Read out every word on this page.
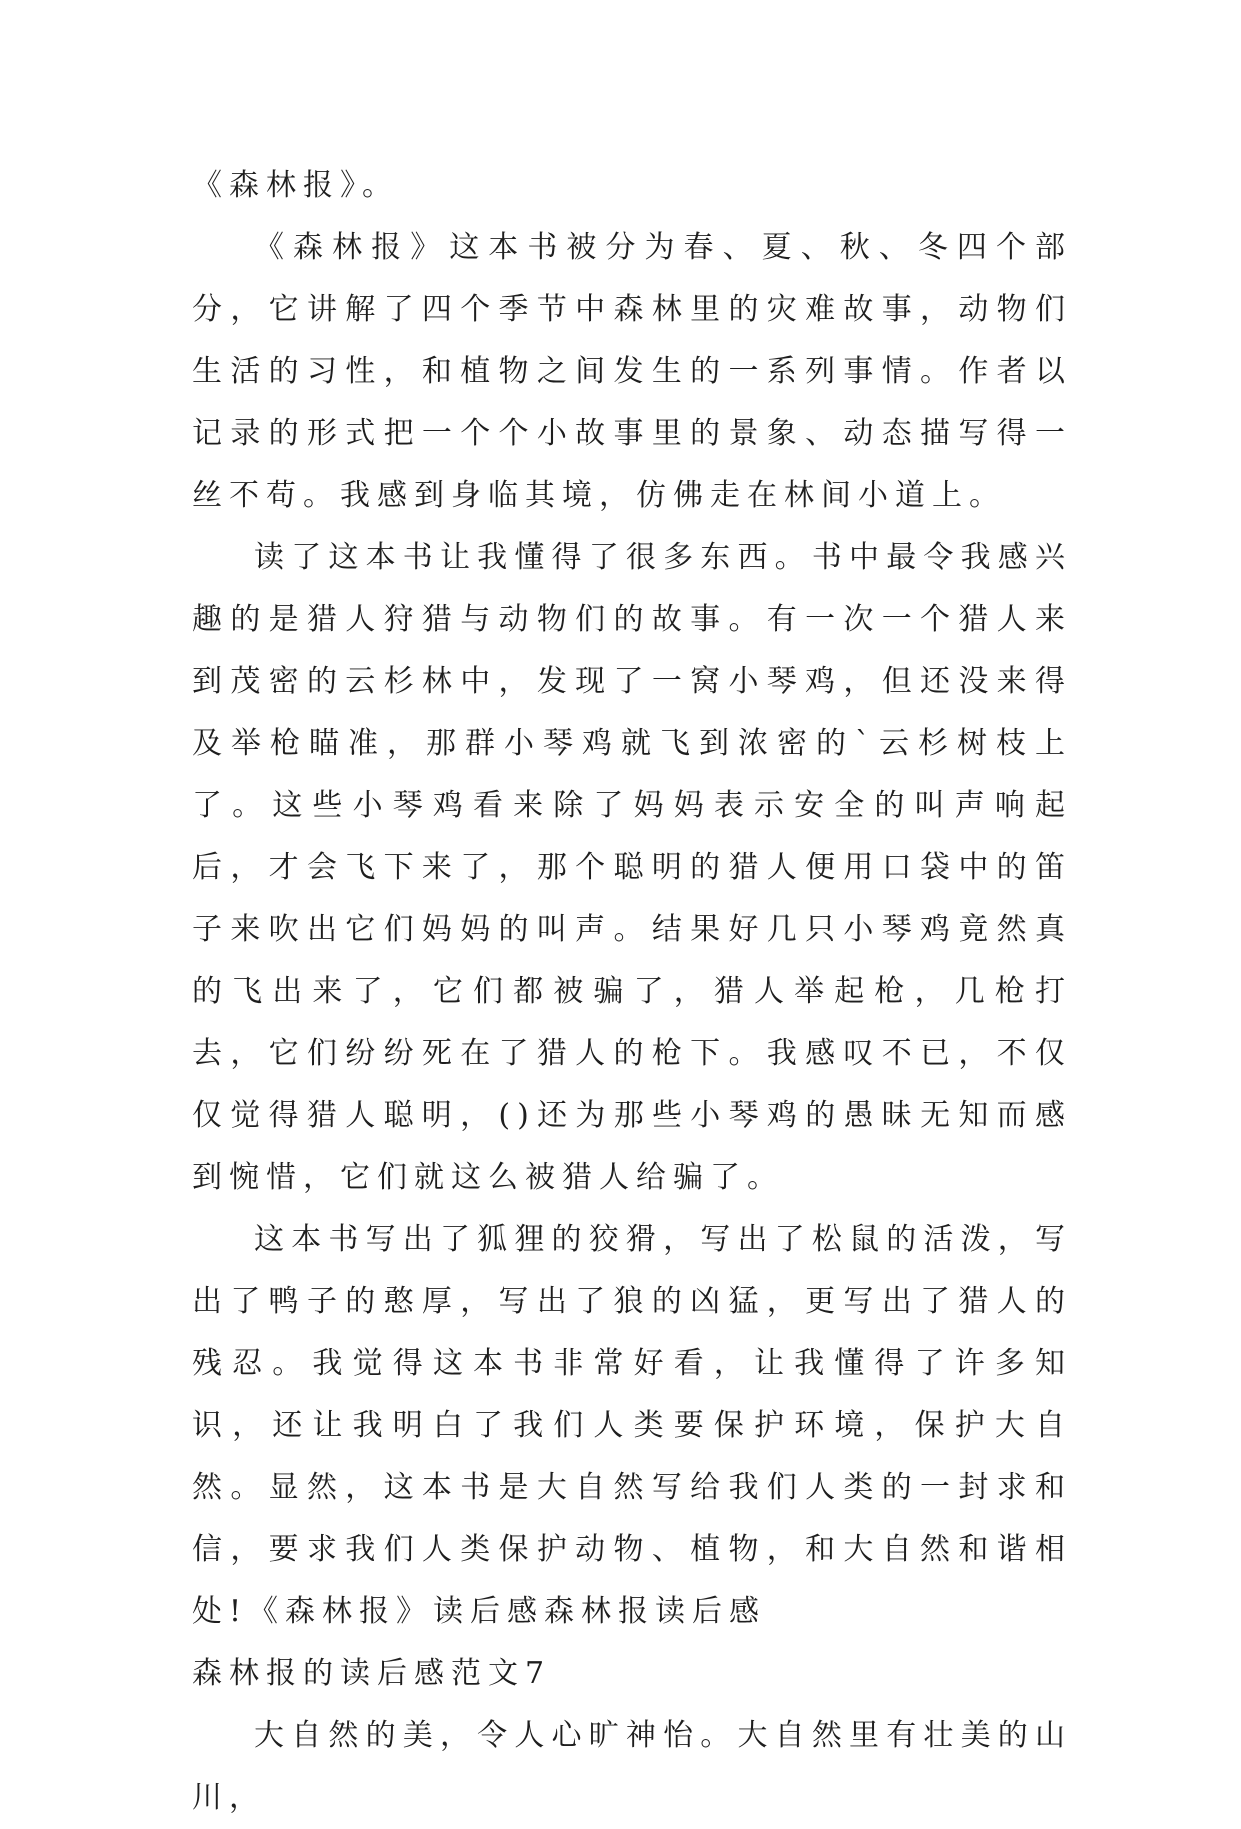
《森林报》。

《森林报》这本书被分为春、夏、秋、冬四个部分，它讲解了四个季节中森林里的灾难故事，动物们生活的习性，和植物之间发生的一系列事情。作者以记录的形式把一个个小故事里的景象、动态描写得一丝不苟。我感到身临其境，仿佛走在林间小道上。

读了这本书让我懂得了很多东西。书中最令我感兴趣的是猎人狩猎与动物们的故事。有一次一个猎人来到茂密的云杉林中，发现了一窝小琴鸡，但还没来得及举枪瞄准，那群小琴鸡就飞到浓密的`云杉树枝上了。这些小琴鸡看来除了妈妈表示安全的叫声响起后，才会飞下来了，那个聪明的猎人便用口袋中的笛子来吹出它们妈妈的叫声。结果好几只小琴鸡竟然真的飞出来了，它们都被骗了，猎人举起枪，几枪打去，它们纷纷死在了猎人的枪下。我感叹不已，不仅仅觉得猎人聪明，()还为那些小琴鸡的愚昧无知而感到惋惜，它们就这么被猎人给骗了。

这本书写出了狐狸的狡猾，写出了松鼠的活泼，写出了鸭子的憨厚，写出了狼的凶猛，更写出了猎人的残忍。我觉得这本书非常好看，让我懂得了许多知识，还让我明白了我们人类要保护环境，保护大自然。显然，这本书是大自然写给我们人类的一封求和信，要求我们人类保护动物、植物，和大自然和谐相处!《森林报》读后感森林报读后感

森林报的读后感范文7

大自然的美，令人心旷神怡。大自然里有壮美的山川，
